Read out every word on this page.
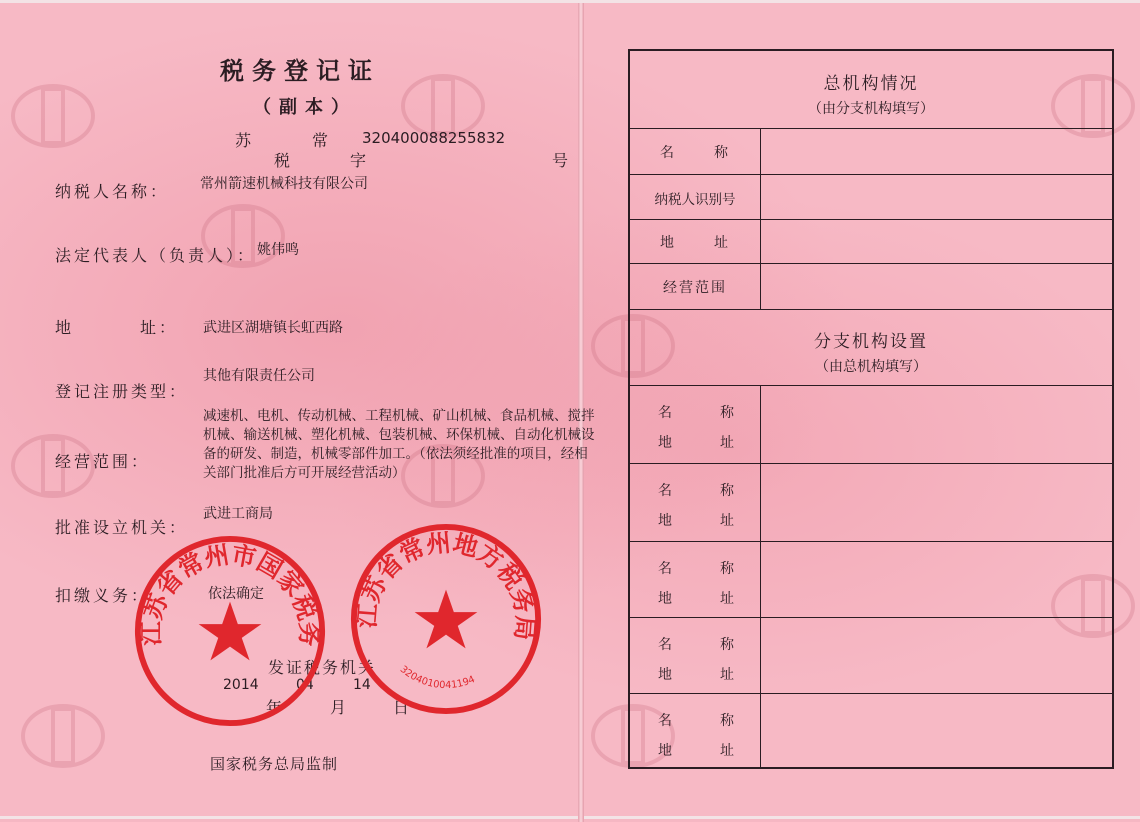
税务登记证
（副本）
苏	常 320400088255832
税	字	号
纳税人名称： 常州箭速机械科技有限公司
法定代表人（负责人）： 姚伟鸣
地	址： 武进区湖塘镇长虹西路
登记注册类型：
其他有限责任公司
经营范围：
减速机、电机、传动机械、工程机械、矿山机械、食品机械、搅拌机械、输送机械、塑化机械、包装机械、环保机械、自动化机械设备的研发、制造，机械零部件加工。（依法须经批准的项目，经相关部门批准后方可开展经营活动）
批准设立机关：
武进工商局
扣缴义务：	依法确定
发证税务机关
2014	04	14
年	月	日
国家税务总局监制
江苏省常州市国家税务
江苏省常州地方税务局
3204010041194
总机构情况
（由分支机构填写）
名	称
纳税人识别号
地	址
经营范围
分支机构设置
（由总机构填写）
名	称
地	址
名	称
地	址
名	称
地	址
名	称
地	址
名	称
地	址
